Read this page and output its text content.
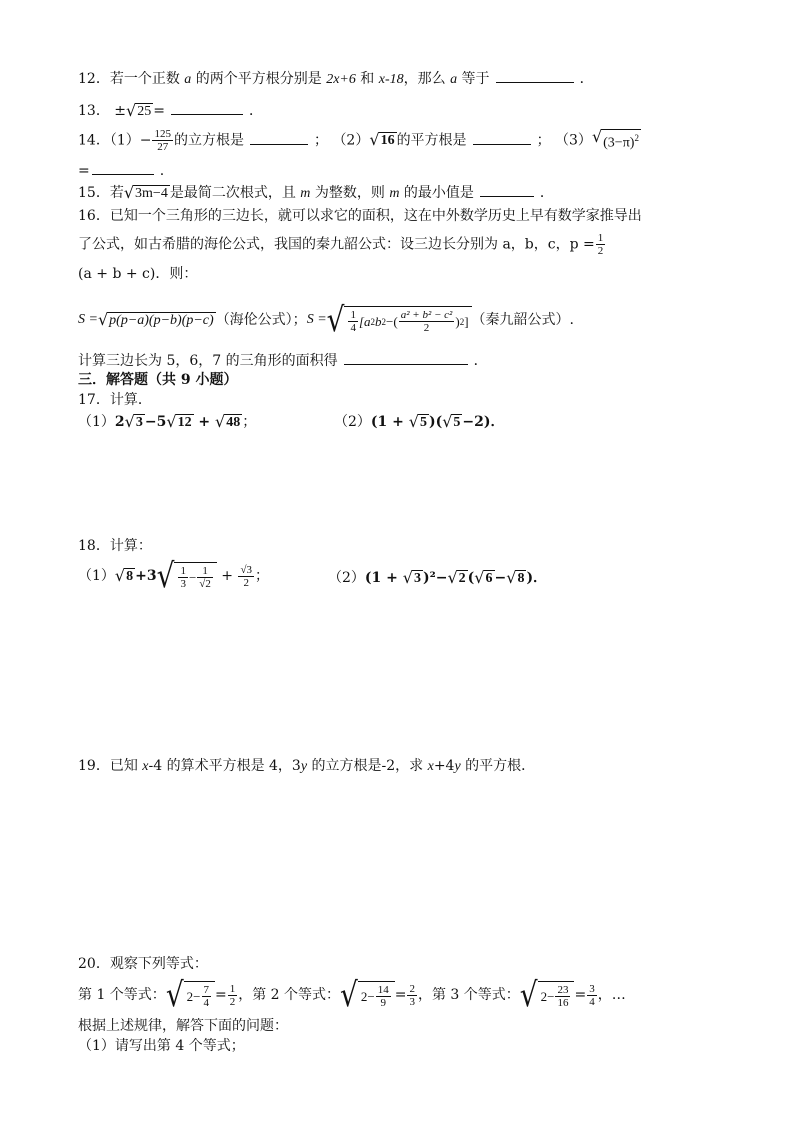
12．若一个正数 a 的两个平方根分别是 2x+6 和 x-18，那么 a 等于	．
13． ± √ 25 =	．
14．$(1)- \frac{125}{27}$ 的立方根是	； （2） √ 16 的平方根是	； （3） √ $(3-\pi)^2$
=	.
15．若 √ 3m−4 是最简二次根式，且 m 为整数，则 m 的最小值是	．
16．已知一个三角形的三边长，就可以求它的面积，这在中外数学历史上早有数学家推导出
了公式，如古希腊的海伦公式，我国的秦九韶公式：设三边长分别为 a，b，c，$p = \frac{1}{2}$
(a + b + c)．则：
S = √ p(p−a)(p−b)(p−c) （海伦公式）； S = √ $\frac{1}{4} [a$ 2 b 2 −( $\frac{\text{a² + b² − c²}}{2}$ ) 2 ] （秦九韶公式）.
计算三边长为 5，6，7 的三角形的面积得	．
三．解答题（共 9 小题）
17．计算．
（1）2 √ 3 −5 √ 12 + √ 48 ；	（2）(1 + √ 5 )( √ 5 −2)．
18．计算：
（1） √ 8 +3 √ $\frac{1}{3} - \frac{1}{√2} + \frac{√3}{2}$ ；	（2）(1 + √ 3 )²− √ 2 ( √ 6 − √ 8 )．
19．已知 x-4 的算术平方根是 4，3y 的立方根是-2，求 x+4y 的平方根．
20．观察下列等式：
第 1 个等式： √ $2- \frac{7}{4} = \frac{1}{2}$ ，第 2 个等式： √ $2- \frac{14}{9} = \frac{2}{3}$ ，第 3 个等式： √ $2- \frac{23}{16} = \frac{3}{4}$ ，…
根据上述规律，解答下面的问题：
（1）请写出第 4 个等式；
